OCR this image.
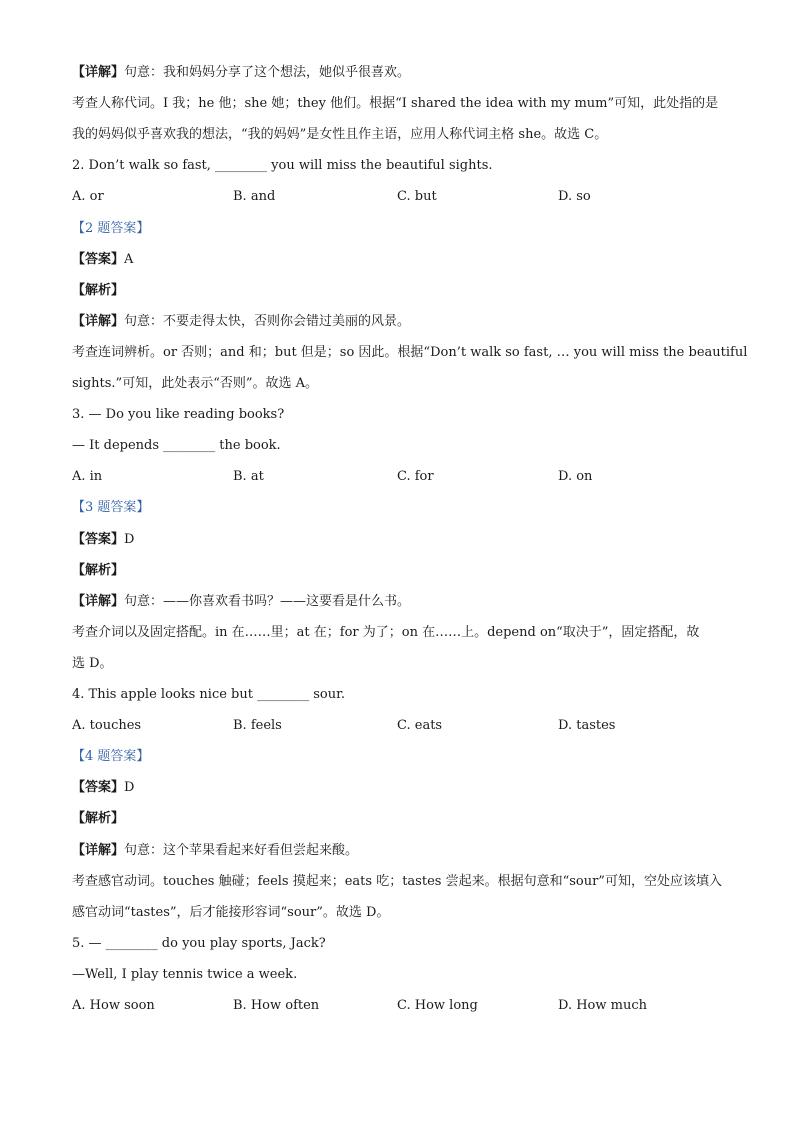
【详解】句意：我和妈妈分享了这个想法，她似乎很喜欢。
考查人称代词。I 我；he 他；she 她；they 他们。根据“I shared the idea with my mum”可知，此处指的是
我的妈妈似乎喜欢我的想法，“我的妈妈”是女性且作主语，应用人称代词主格 she。故选 C。
2. Don’t walk so fast, ________ you will miss the beautiful sights.
A. or	B. and	C. but	D. so
【2 题答案】
【答案】A
【解析】
【详解】句意：不要走得太快，否则你会错过美丽的风景。
考查连词辨析。or 否则；and 和；but 但是；so 因此。根据“Don’t walk so fast, … you will miss the beautiful
sights.”可知，此处表示“否则”。故选 A。
3. — Do you like reading books?
— It depends ________ the book.
A. in	B. at	C. for	D. on
【3 题答案】
【答案】D
【解析】
【详解】句意：——你喜欢看书吗？——这要看是什么书。
考查介词以及固定搭配。in 在……里；at 在；for 为了；on 在……上。depend on“取决于”，固定搭配，故
选 D。
4. This apple looks nice but ________ sour.
A. touches	B. feels	C. eats	D. tastes
【4 题答案】
【答案】D
【解析】
【详解】句意：这个苹果看起来好看但尝起来酸。
考查感官动词。touches 触碰；feels 摸起来；eats 吃；tastes 尝起来。根据句意和“sour”可知，空处应该填入
感官动词“tastes”，后才能接形容词“sour”。故选 D。
5. — ________ do you play sports, Jack?
—Well, I play tennis twice a week.
A. How soon	B. How often	C. How long	D. How much
